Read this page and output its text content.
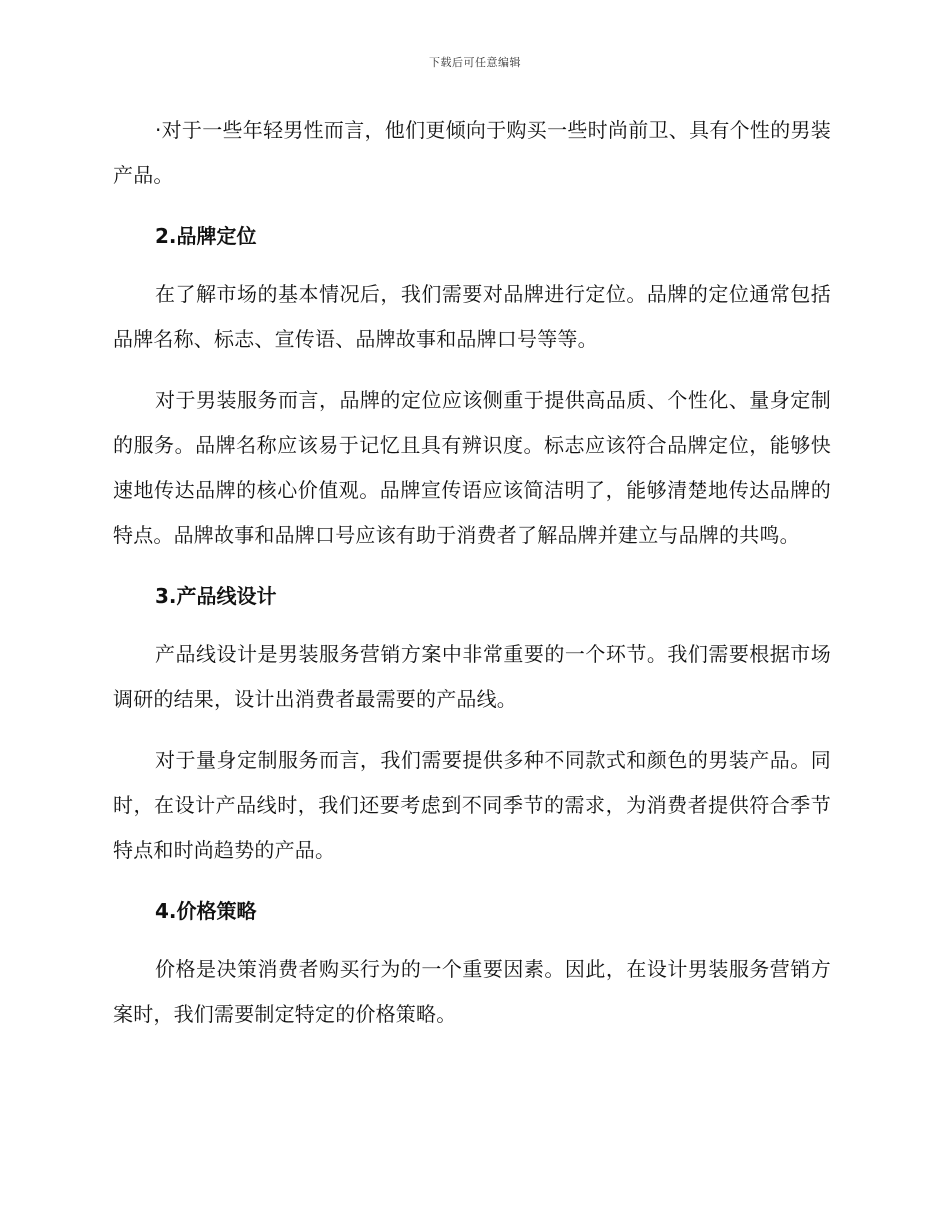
下载后可任意编辑

·对于一些年轻男性而言，他们更倾向于购买一些时尚前卫、具有个性的男装产品。

2.品牌定位

在了解市场的基本情况后，我们需要对品牌进行定位。品牌的定位通常包括品牌名称、标志、宣传语、品牌故事和品牌口号等等。

对于男装服务而言，品牌的定位应该侧重于提供高品质、个性化、量身定制的服务。品牌名称应该易于记忆且具有辨识度。标志应该符合品牌定位，能够快速地传达品牌的核心价值观。品牌宣传语应该简洁明了，能够清楚地传达品牌的特点。品牌故事和品牌口号应该有助于消费者了解品牌并建立与品牌的共鸣。

3.产品线设计

产品线设计是男装服务营销方案中非常重要的一个环节。我们需要根据市场调研的结果，设计出消费者最需要的产品线。

对于量身定制服务而言，我们需要提供多种不同款式和颜色的男装产品。同时，在设计产品线时，我们还要考虑到不同季节的需求，为消费者提供符合季节特点和时尚趋势的产品。

4.价格策略

价格是决策消费者购买行为的一个重要因素。因此，在设计男装服务营销方案时，我们需要制定特定的价格策略。
